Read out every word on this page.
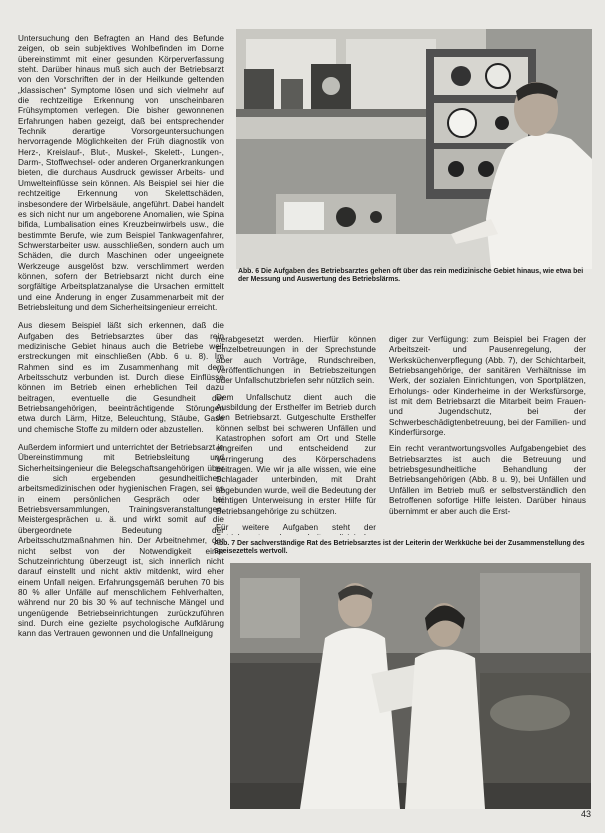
Untersuchung den Befragten an Hand des Befunde zeigen, ob sein subjektives Wohlbefinden im Dorne übereinstimmt mit einer gesunden Körperverfassung steht. Darüber hinaus muß sich auch der Betriebsarzt von den Vorschriften der in der Heilkunde geltenden „klassischen“ Symptome lösen und sich vielmehr auf die rechtzeitige Erkennung von unscheinbaren Frühsymptomen verlegen. Die bisher gewonnenen Erfahrungen haben gezeigt, daß bei entsprechender Technik derartige Vorsorgeuntersuchungen hervorragende Möglichkeiten der Früh diagnostik von Herz-, Kreislauf-, Blut-, Muskel-, Skelett-, Lungen-, Darm-, Stoffwechsel- oder anderen Organerkrankungen bieten, die durchaus Ausdruck gewisser Arbeits- und Umwelteinflüsse sein können. Als Beispiel sei hier die rechtzeitige Erkennung von Skelettschäden, insbesondere der Wirbelsäule, angeführt. Dabei handelt es sich nicht nur um angeborene Anomalien, wie Spina bifida, Lumbalisation eines Kreuzbeinwirbels usw., die bestimmte Berufe, wie zum Beispiel Tankwagenfahrer, Schwerstarbeiter usw. ausschließen, sondern auch um Schäden, die durch Maschinen oder ungeeignete Werkzeuge ausgelöst bzw. verschlimmert werden können, sofern der Betriebsarzt nicht durch eine sorgfältige Arbeitsplatzanalyse die Ursachen ermittelt und eine Änderung in enger Zusammenarbeit mit der Betriebsleitung und dem Sicherheitsingenieur erreicht.

Aus diesem Beispiel läßt sich erkennen, daß die Aufgaben des Betriebsarztes über das rein medizinische Gebiet hinaus auch die Betriebe weit erstreckungen mit einschließen (Abb. 6 u. 8). Im Rahmen sind es im Zusammenhang mit dem Arbeitsschutz verbunden ist. Durch diese Einflüsse können im Betrieb einen erheblichen Teil dazu beitragen, eventuelle die Gesundheit der Betriebsangehörigen, beeinträchtigende Störungen etwa durch Lärm, Hitze, Beleuchtung, Stäube, Gase und chemische Stoffe zu mildern oder abzustellen.

Außerdem informiert und unterrichtet der Betriebsarzt in Übereinstimmung mit Betriebsleitung und Sicherheitsingenieur die Belegschaftsangehörigen über die sich ergebenden gesundheitlichen, arbeitsmedizinischen oder hygienischen Fragen, sei es in einem persönlichen Gespräch oder bei Betriebsversammlungen, Trainingsveranstaltungen, Meistergesprächen u. ä. und wirkt somit auf die übergeordnete Bedeutung der Arbeitsschutzmaßnahmen hin. Der Arbeitnehmer, der nicht selbst von der Notwendigkeit einer Schutzeinrichtung überzeugt ist, sich innerlich nicht darauf einstellt und nicht aktiv mitdenkt, wird eher einem Unfall neigen. Erfahrungsgemäß beruhen 70 bis 80 % aller Unfälle auf menschlichem Fehlverhalten, während nur 20 bis 30 % auf technische Mängel und ungenügende Betriebseinrichtungen zurückzuführen sind. Durch eine gezielte psychologische Aufklärung kann das Vertrauen gewonnen und die Unfallneigung

Abb. 6 Die Aufgaben des Betriebsarztes gehen oft über das rein medizinische Gebiet hinaus, wie etwa bei der Messung und Auswertung des Betriebslärms.

herabgesetzt werden. Hierfür können Einzelbetreuungen in der Sprechstunde aber auch Vorträge, Rundschreiben, Veröffentlichungen in Betriebszeitungen oder Unfallschutzbriefen sehr nützlich sein.

Dem Unfallschutz dient auch die Ausbildung der Ersthelfer im Betrieb durch den Betriebsarzt. Gutgeschulte Ersthelfer können selbst bei schweren Unfällen und Katastrophen sofort am Ort und Stelle eingreifen und entscheidend zur Verringerung des Körperschadens beitragen. Wie wir ja alle wissen, wie eine Schlagader unterbinden, mit Draht abgebunden wurde, weil die Bedeutung der richtigen Unterweisung in erster Hilfe für Betriebsangehörige zu schützen.

Für weitere Aufgaben steht der

diger zur Verfügung: zum Beispiel bei Fragen der Arbeitszeit- und Pausenregelung, der Werksküchenverpflegung (Abb. 7), der Schichtarbeit, Betriebsangehörige, der sanitären Verhältnisse im Werk, der sozialen Einrichtungen, von Sportplätzen, Erholungs- oder Kinderheime in der Werksfürsorge, ist mit dem Betriebsarzt die Mitarbeit beim Frauen- und Jugendschutz, bei der Schwerbeschädigtenbetreuung, bei der Familien- und Kinderfürsorge.

Ein recht verantwortungsvolles Aufgabengebiet des Betriebsarztes ist auch die Betreuung und betriebsgesundheitliche Behandlung der Betriebsangehörigen (Abb. 8 u. 9), bei Unfällen und Unfällen im Betrieb muß er selbstverständlich den Betroffenen sofortige Hilfe leisten. Darüber hinaus übernimmt er aber auch die Erst-

Abb. 7 Der sachverständige Rat des Betriebsarztes ist der Leiterin der Werkküche bei der Zusammenstellung des Speisezettels wertvoll.
43
